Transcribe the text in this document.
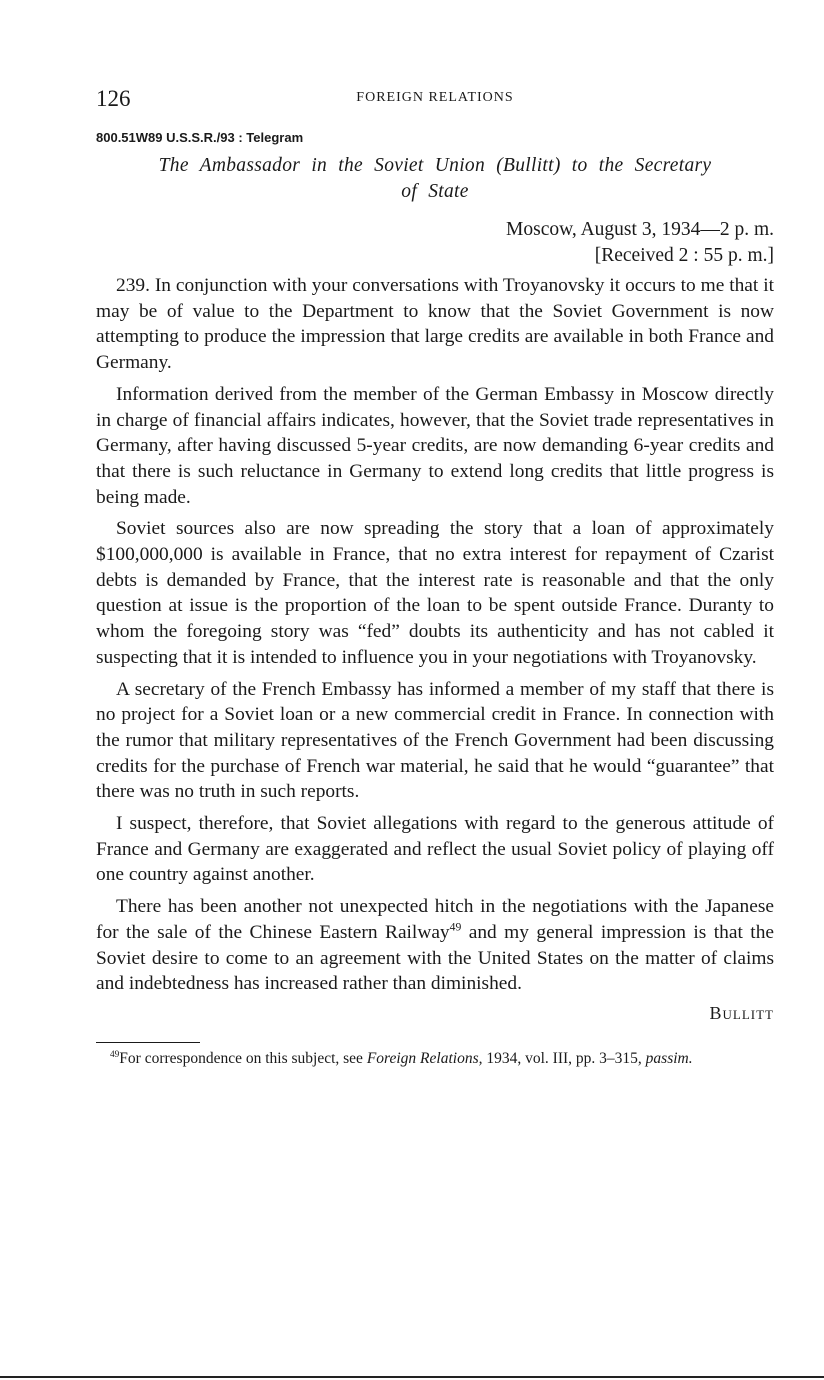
126	FOREIGN RELATIONS
800.51W89 U.S.S.R./93 : Telegram
The Ambassador in the Soviet Union (Bullitt) to the Secretary
of State
Moscow, August 3, 1934—2 p. m.
[Received 2 : 55 p. m.]

239. In conjunction with your conversations with Troyanovsky it occurs to me that it may be of value to the Department to know that the Soviet Government is now attempting to produce the impression that large credits are available in both France and Germany.

Information derived from the member of the German Embassy in Moscow directly in charge of financial affairs indicates, however, that the Soviet trade representatives in Germany, after having discussed 5-year credits, are now demanding 6-year credits and that there is such reluctance in Germany to extend long credits that little progress is being made.

Soviet sources also are now spreading the story that a loan of approximately $100,000,000 is available in France, that no extra interest for repayment of Czarist debts is demanded by France, that the interest rate is reasonable and that the only question at issue is the proportion of the loan to be spent outside France. Duranty to whom the foregoing story was “fed” doubts its authenticity and has not cabled it suspecting that it is intended to influence you in your negotiations with Troyanovsky.

A secretary of the French Embassy has informed a member of my staff that there is no project for a Soviet loan or a new commercial credit in France. In connection with the rumor that military representatives of the French Government had been discussing credits for the purchase of French war material, he said that he would “guarantee” that there was no truth in such reports.

I suspect, therefore, that Soviet allegations with regard to the generous attitude of France and Germany are exaggerated and reflect the usual Soviet policy of playing off one country against another.

There has been another not unexpected hitch in the negotiations with the Japanese for the sale of the Chinese Eastern Railway$^{49}$ and my general impression is that the Soviet desire to come to an agreement with the United States on the matter of claims and indebtedness has increased rather than diminished.

Bullitt
$^{49}$For correspondence on this subject, see Foreign Relations, 1934, vol. III, pp. 3–315, passim.
